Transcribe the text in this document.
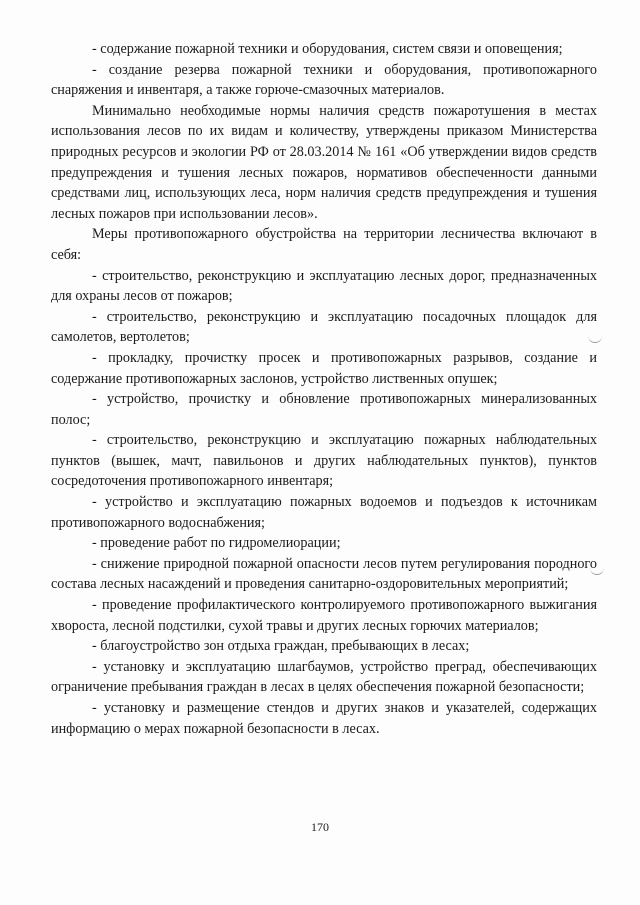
- содержание пожарной техники и оборудования, систем связи и оповещения;

- создание резерва пожарной техники и оборудования, противопожарного снаряжения и инвентаря, а также горюче-смазочных материалов.

Минимально необходимые нормы наличия средств пожаротушения в местах использования лесов по их видам и количеству, утверждены приказом Министерства природных ресурсов и экологии РФ от 28.03.2014 № 161 «Об утверждении видов средств предупреждения и тушения лесных пожаров, нормативов обеспеченности данными средствами лиц, использующих леса, норм наличия средств предупреждения и тушения лесных пожаров при использовании лесов».

Меры противопожарного обустройства на территории лесничества включают в себя:

- строительство, реконструкцию и эксплуатацию лесных дорог, предназначенных для охраны лесов от пожаров;

- строительство, реконструкцию и эксплуатацию посадочных площадок для самолетов, вертолетов;

- прокладку, прочистку просек и противопожарных разрывов, создание и содержание противопожарных заслонов, устройство лиственных опушек;

- устройство, прочистку и обновление противопожарных минерализованных полос;

- строительство, реконструкцию и эксплуатацию пожарных наблюдательных пунктов (вышек, мачт, павильонов и других наблюдательных пунктов), пунктов сосредоточения противопожарного инвентаря;

- устройство и эксплуатацию пожарных водоемов и подъездов к источникам противопожарного водоснабжения;

- проведение работ по гидромелиорации;

- снижение природной пожарной опасности лесов путем регулирования породного состава лесных насаждений и проведения санитарно-оздоровительных мероприятий;

- проведение профилактического контролируемого противопожарного выжигания хвороста, лесной подстилки, сухой травы и других лесных горючих материалов;

- благоустройство зон отдыха граждан, пребывающих в лесах;

- установку и эксплуатацию шлагбаумов, устройство преград, обеспечивающих ограничение пребывания граждан в лесах в целях обеспечения пожарной безопасности;

- установку и размещение стендов и других знаков и указателей, содержащих информацию о мерах пожарной безопасности в лесах.

170
